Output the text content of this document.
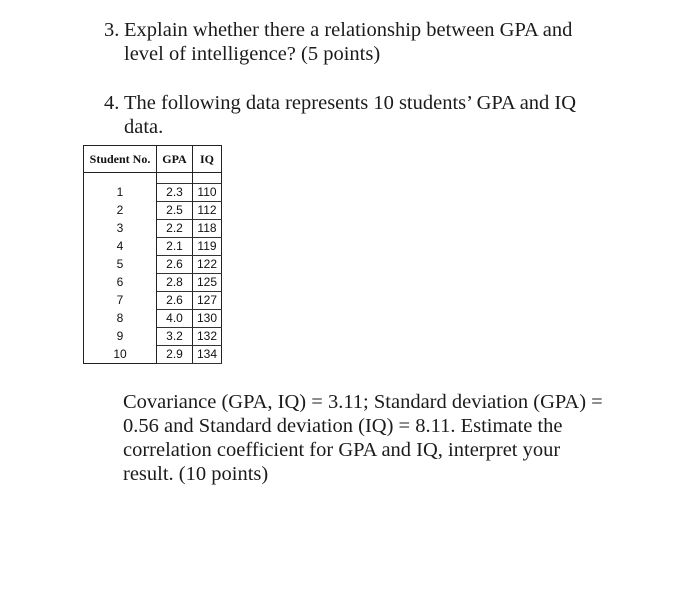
3. Explain whether there a relationship between GPA and
level of intelligence? (5 points)
4. The following data represents 10 students’ GPA and IQ
data.
Student No.	GPA	IQ

1	2.3	110
2	2.5	112
3	2.2	118
4	2.1	119
5	2.6	122
6	2.8	125
7	2.6	127
8	4.0	130
9	3.2	132
10	2.9	134
Covariance (GPA, IQ) = 3.11; Standard deviation (GPA) =
0.56 and Standard deviation (IQ) = 8.11. Estimate the
correlation coefficient for GPA and IQ, interpret your
result. (10 points)
